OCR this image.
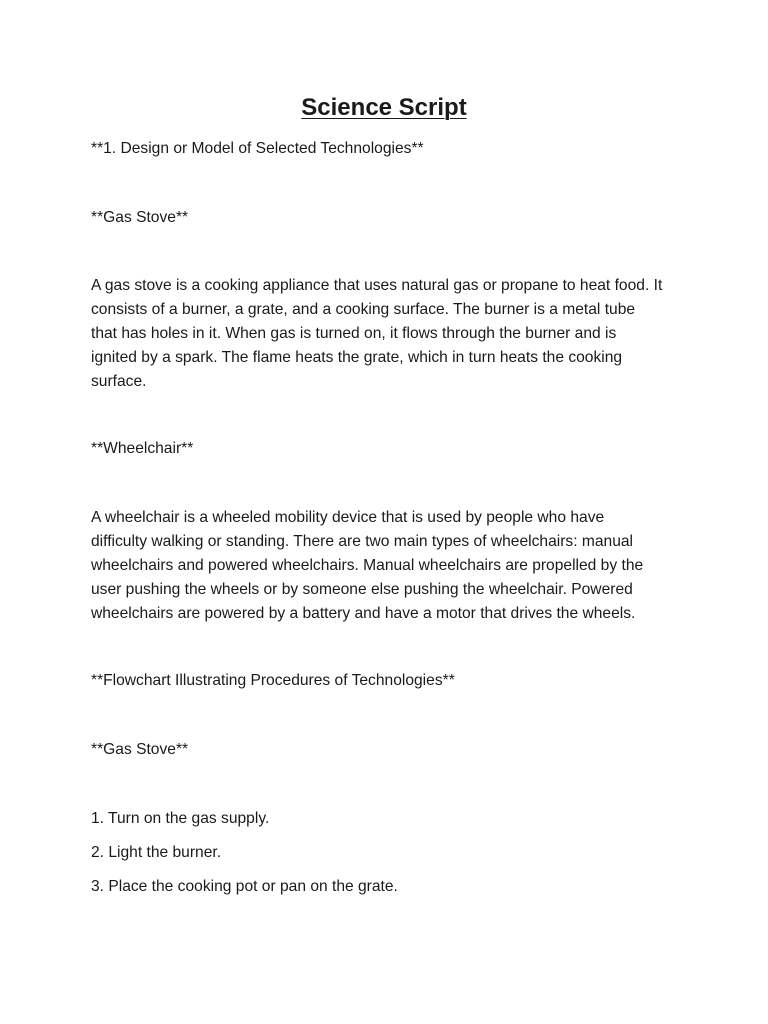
Science Script

**1. Design or Model of Selected Technologies**

**Gas Stove**

A gas stove is a cooking appliance that uses natural gas or propane to heat food. It
consists of a burner, a grate, and a cooking surface. The burner is a metal tube
that has holes in it. When gas is turned on, it flows through the burner and is
ignited by a spark. The flame heats the grate, which in turn heats the cooking
surface.

**Wheelchair**

A wheelchair is a wheeled mobility device that is used by people who have
difficulty walking or standing. There are two main types of wheelchairs: manual
wheelchairs and powered wheelchairs. Manual wheelchairs are propelled by the
user pushing the wheels or by someone else pushing the wheelchair. Powered
wheelchairs are powered by a battery and have a motor that drives the wheels.

**Flowchart Illustrating Procedures of Technologies**

**Gas Stove**

1. Turn on the gas supply.

2. Light the burner.

3. Place the cooking pot or pan on the grate.
